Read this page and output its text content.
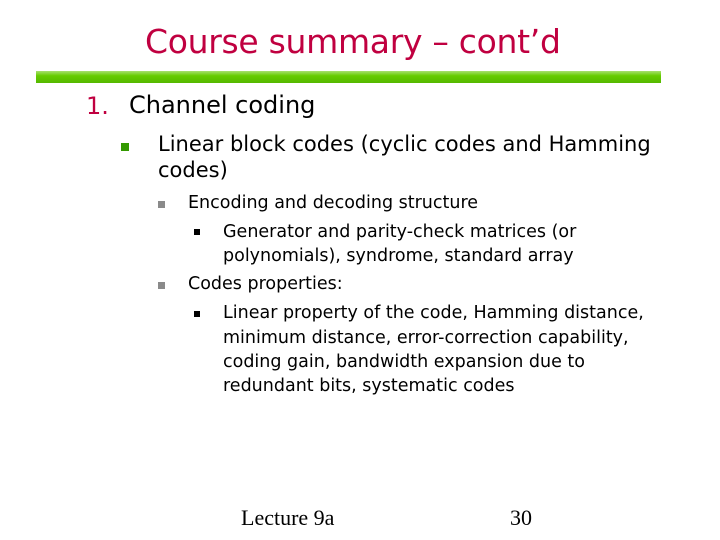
Course summary – cont’d
1. Channel coding
Linear block codes (cyclic codes and Hamming
codes)
Encoding and decoding structure
Generator and parity-check matrices (or
polynomials), syndrome, standard array
Codes properties:
Linear property of the code, Hamming distance,
minimum distance, error-correction capability,
coding gain, bandwidth expansion due to
redundant bits, systematic codes
Lecture 9a	30
